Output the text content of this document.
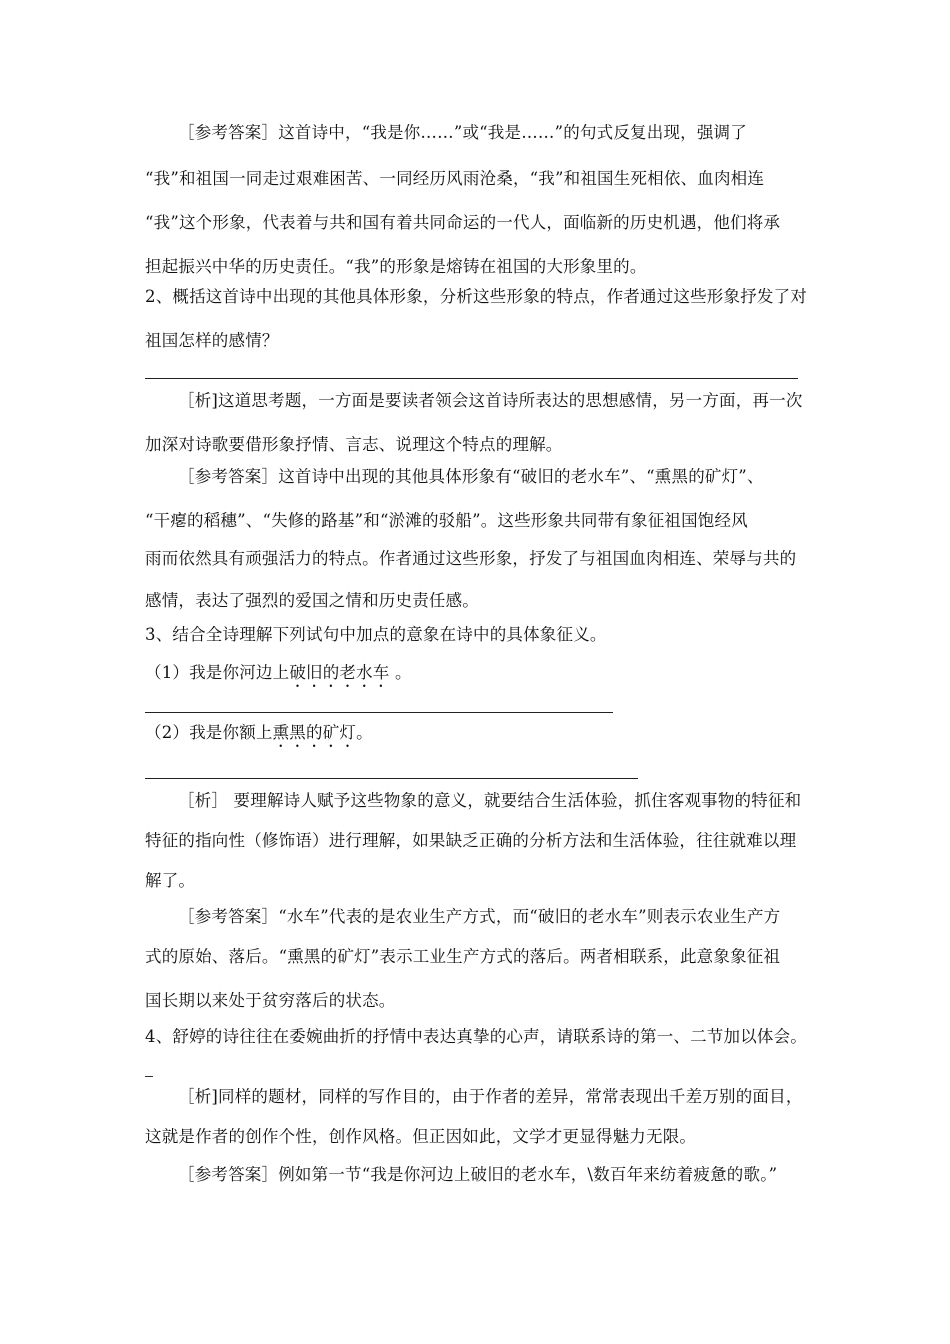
［参考答案］这首诗中，“我是你……”或“我是……”的句式反复出现，强调了
“我”和祖国一同走过艰难困苦、一同经历风雨沧桑，“我”和祖国生死相依、血肉相连
“我”这个形象，代表着与共和国有着共同命运的一代人，面临新的历史机遇，他们将承
担起振兴中华的历史责任。“我”的形象是熔铸在祖国的大形象里的。
2、概括这首诗中出现的其他具体形象，分析这些形象的特点，作者通过这些形象抒发了对
祖国怎样的感情？
［析]这道思考题，一方面是要读者领会这首诗所表达的思想感情，另一方面，再一次
加深对诗歌要借形象抒情、言志、说理这个特点的理解。
［参考答案］这首诗中出现的其他具体形象有“破旧的老水车”、“熏黑的矿灯”、
“干瘪的稻穗”、“失修的路基”和“淤滩的驳船”。这些形象共同带有象征祖国饱经风
雨而依然具有顽强活力的特点。作者通过这些形象，抒发了与祖国血肉相连、荣辱与共的
感情，表达了强烈的爱国之情和历史责任感。
3、结合全诗理解下列试句中加点的意象在诗中的具体象征义。
（1）我是你河边上破旧的老水车 。
（2）我是你额上熏黑的矿灯。
［析］ 要理解诗人赋予这些物象的意义，就要结合生活体验，抓住客观事物的特征和
特征的指向性（修饰语）进行理解，如果缺乏正确的分析方法和生活体验，往往就难以理
解了。
［参考答案］“水车”代表的是农业生产方式，而“破旧的老水车”则表示农业生产方
式的原始、落后。“熏黑的矿灯”表示工业生产方式的落后。两者相联系，此意象象征祖
国长期以来处于贫穷落后的状态。
4、舒婷的诗往往在委婉曲折的抒情中表达真挚的心声，请联系诗的第一、二节加以体会。
［析]同样的题材，同样的写作目的，由于作者的差异，常常表现出千差万别的面目，
这就是作者的创作个性，创作风格。但正因如此，文学才更显得魅力无限。
［参考答案］例如第一节“我是你河边上破旧的老水车，\数百年来纺着疲惫的歌。”
